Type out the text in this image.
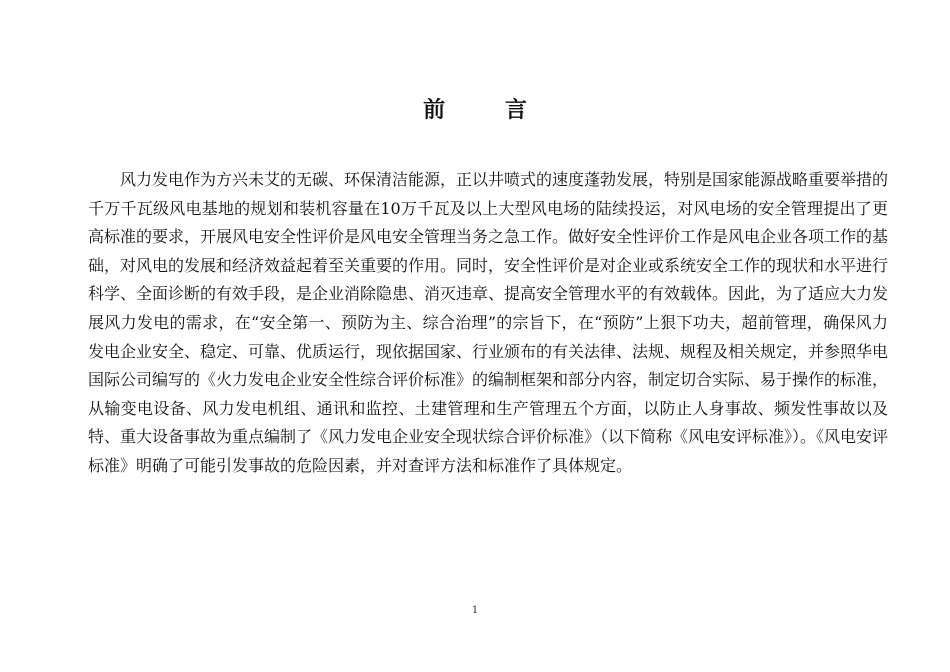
前 言

风力发电作为方兴未艾的无碳、环保清洁能源，正以井喷式的速度蓬勃发展，特别是国家能源战略重要举措的千万千瓦级风电基地的规划和装机容量在10万千瓦及以上大型风电场的陆续投运，对风电场的安全管理提出了更高标准的要求，开展风电安全性评价是风电安全管理当务之急工作。做好安全性评价工作是风电企业各项工作的基础，对风电的发展和经济效益起着至关重要的作用。同时，安全性评价是对企业或系统安全工作的现状和水平进行科学、全面诊断的有效手段，是企业消除隐患、消灭违章、提高安全管理水平的有效载体。因此，为了适应大力发展风力发电的需求，在“安全第一、预防为主、综合治理”的宗旨下，在“预防”上狠下功夫，超前管理，确保风力发电企业安全、稳定、可靠、优质运行，现依据国家、行业颁布的有关法律、法规、规程及相关规定，并参照华电国际公司编写的《火力发电企业安全性综合评价标准》的编制框架和部分内容，制定切合实际、易于操作的标准，从输变电设备、风力发电机组、通讯和监控、土建管理和生产管理五个方面，以防止人身事故、频发性事故以及特、重大设备事故为重点编制了《风力发电企业安全现状综合评价标准》（以下简称《风电安评标准》）。《风电安评标准》明确了可能引发事故的危险因素，并对查评方法和标准作了具体规定。

1
